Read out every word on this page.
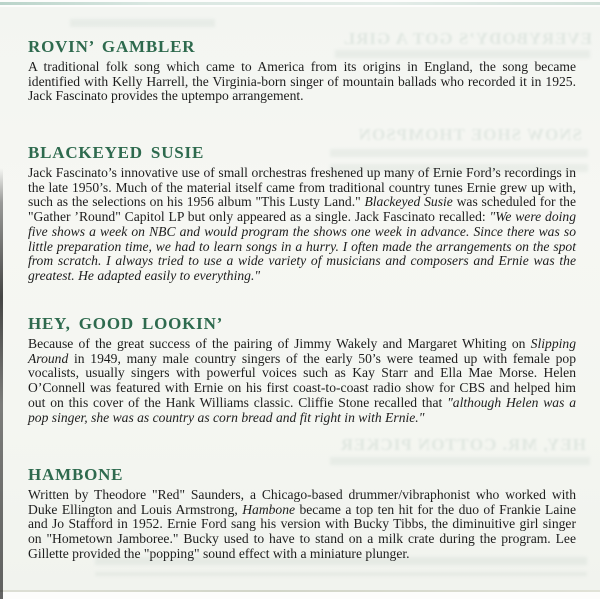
EVERYBODY’S GOT A GIRL
SNOW SHOE THOMPSON
HEY, MR. COTTON PICKER
ROVIN’ GAMBLER

A traditional folk song which came to America from its origins in England, the song became identified with Kelly Harrell, the Virginia-born singer of mountain ballads who recorded it in 1925. Jack Fascinato provides the uptempo arrangement.

BLACKEYED SUSIE

Jack Fascinato’s innovative use of small orchestras freshened up many of Ernie Ford’s recordings in the late 1950’s. Much of the material itself came from traditional country tunes Ernie grew up with, such as the selections on his 1956 album "This Lusty Land." Blackeyed Susie was scheduled for the "Gather ’Round" Capitol LP but only appeared as a single. Jack Fascinato recalled: "We were doing five shows a week on NBC and would program the shows one week in advance. Since there was so little preparation time, we had to learn songs in a hurry. I often made the arrangements on the spot from scratch. I always tried to use a wide variety of musicians and composers and Ernie was the greatest. He adapted easily to everything."

HEY, GOOD LOOKIN’

Because of the great success of the pairing of Jimmy Wakely and Margaret Whiting on Slipping Around in 1949, many male country singers of the early 50’s were teamed up with female pop vocalists, usually singers with powerful voices such as Kay Starr and Ella Mae Morse. Helen O’Connell was featured with Ernie on his first coast-to-coast radio show for CBS and helped him out on this cover of the Hank Williams classic. Cliffie Stone recalled that "although Helen was a pop singer, she was as country as corn bread and fit right in with Ernie."

HAMBONE

Written by Theodore "Red" Saunders, a Chicago-based drummer/vibraphonist who worked with Duke Ellington and Louis Armstrong, Hambone became a top ten hit for the duo of Frankie Laine and Jo Stafford in 1952. Ernie Ford sang his version with Bucky Tibbs, the diminuitive girl singer on "Hometown Jamboree." Bucky used to have to stand on a milk crate during the program. Lee Gillette provided the "popping" sound effect with a miniature plunger.
